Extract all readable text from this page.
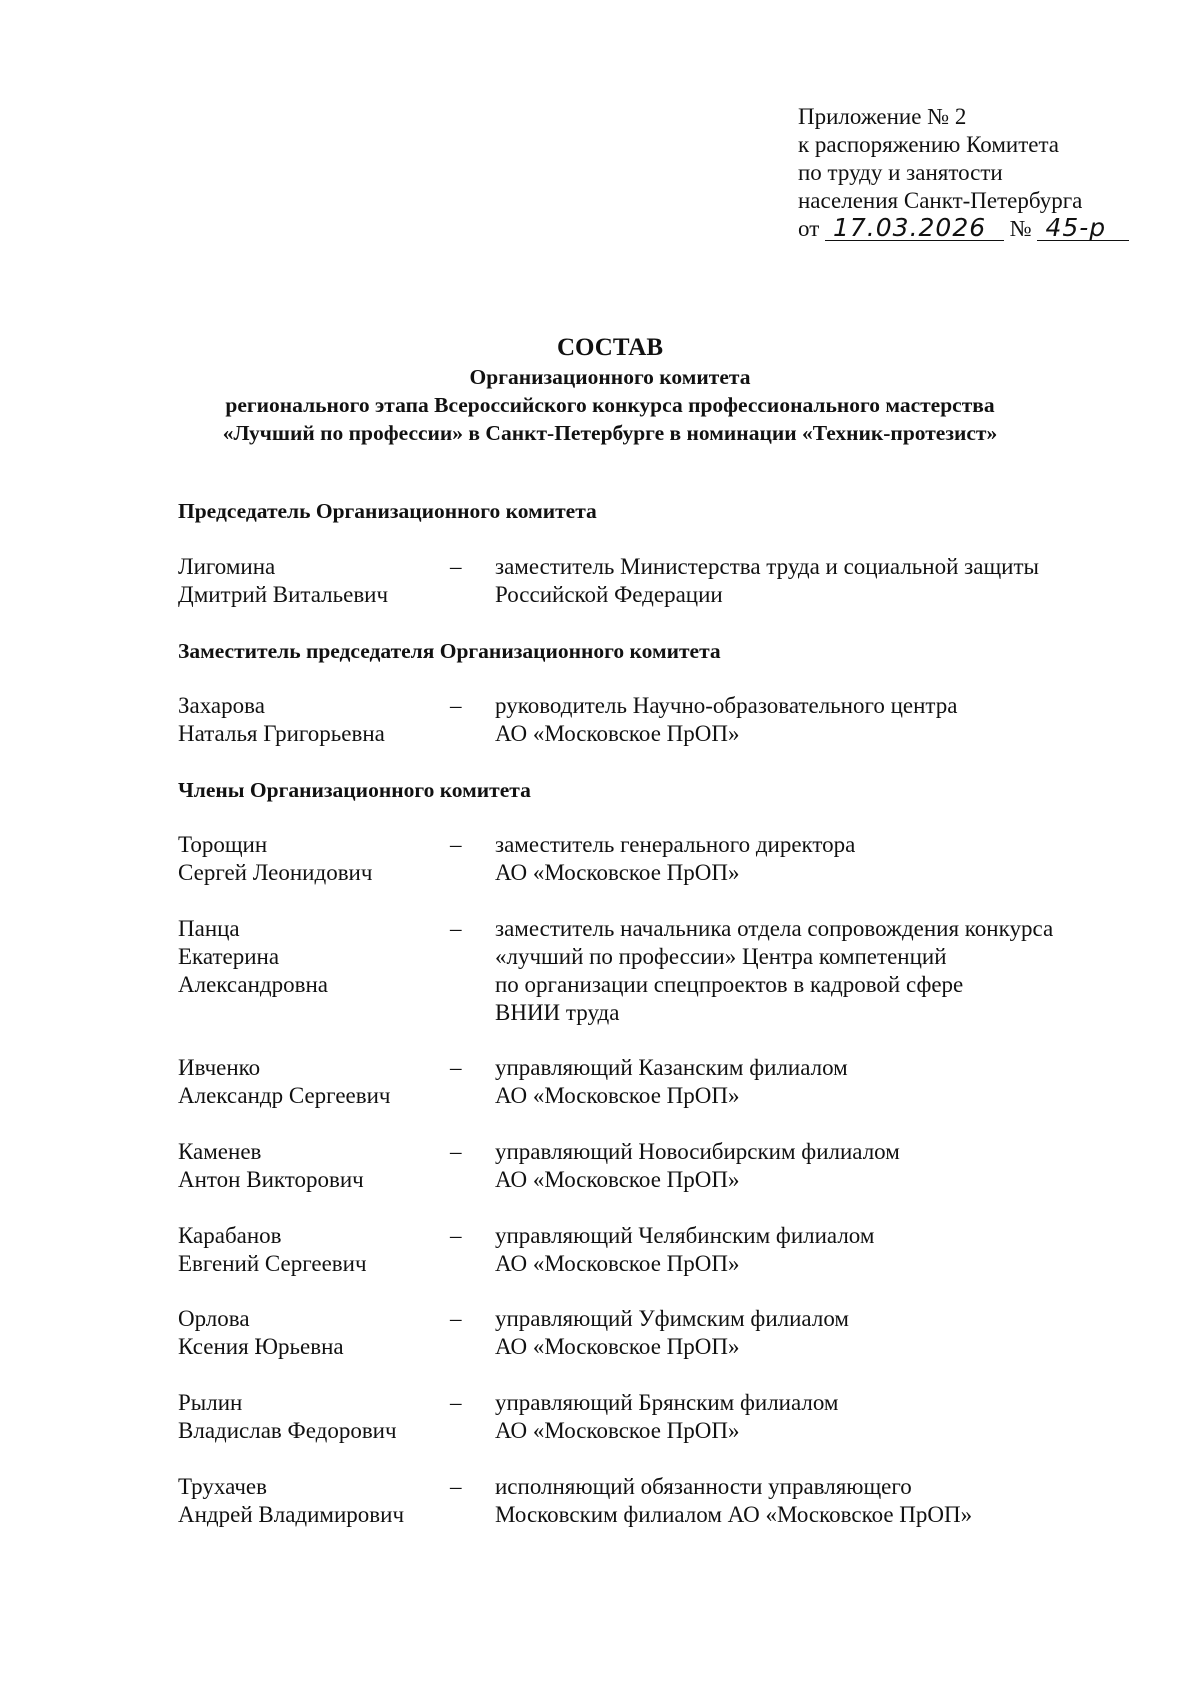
Приложение № 2
к распоряжению Комитета
по труду и занятости
населения Санкт-Петербурга
от 17.03.2026 № 45-р
СОСТАВ
Организационного комитета
регионального этапа Всероссийского конкурса профессионального мастерства
«Лучший по профессии» в Санкт-Петербурге в номинации «Техник-протезист»
Председатель Организационного комитета
Лигомина
Дмитрий Витальевич
– заместитель Министерства труда и социальной защиты
Российской Федерации
Заместитель председателя Организационного комитета
Захарова
Наталья Григорьевна
– руководитель Научно-образовательного центра
АО «Московское ПрОП»
Члены Организационного комитета
Торощин
Сергей Леонидович
– заместитель генерального директора
АО «Московское ПрОП»
Панца
Екатерина
Александровна
– заместитель начальника отдела сопровождения конкурса
«лучший по профессии» Центра компетенций
по организации спецпроектов в кадровой сфере
ВНИИ труда
Ивченко
Александр Сергеевич
– управляющий Казанским филиалом
АО «Московское ПрОП»
Каменев
Антон Викторович
– управляющий Новосибирским филиалом
АО «Московское ПрОП»
Карабанов
Евгений Сергеевич
– управляющий Челябинским филиалом
АО «Московское ПрОП»
Орлова
Ксения Юрьевна
– управляющий Уфимским филиалом
АО «Московское ПрОП»
Рылин
Владислав Федорович
– управляющий Брянским филиалом
АО «Московское ПрОП»
Трухачев
Андрей Владимирович
– исполняющий обязанности управляющего
Московским филиалом АО «Московское ПрОП»
